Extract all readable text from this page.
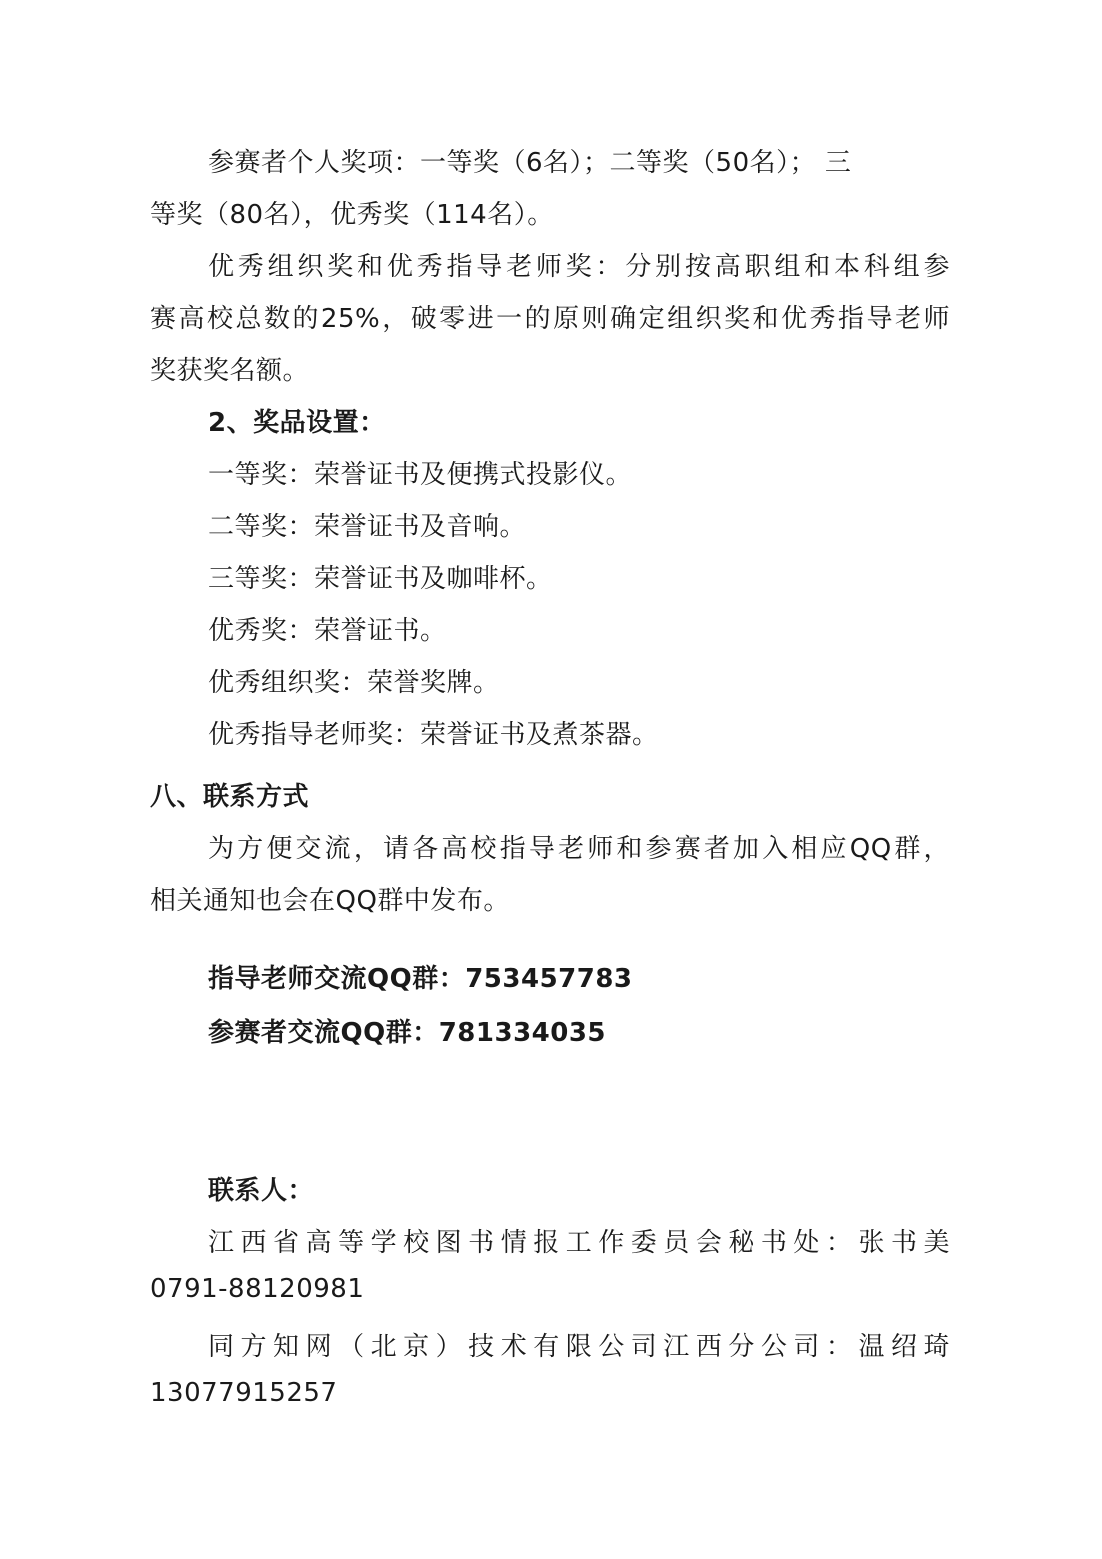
参赛者个人奖项：一等奖（6名）；二等奖（50名）； 三
等奖（80名），优秀奖（114名）。
优秀组织奖和优秀指导老师奖：分别按高职组和本科组参
赛高校总数的25%，破零进一的原则确定组织奖和优秀指导老师
奖获奖名额。
2、奖品设置：
一等奖：荣誉证书及便携式投影仪。
二等奖：荣誉证书及音响。
三等奖：荣誉证书及咖啡杯。
优秀奖：荣誉证书。
优秀组织奖：荣誉奖牌。
优秀指导老师奖：荣誉证书及煮茶器。
八、联系方式
为方便交流，请各高校指导老师和参赛者加入相应QQ群，
相关通知也会在QQ群中发布。
指导老师交流QQ群：753457783
参赛者交流QQ群：781334035
联系人：
江西省高等学校图书情报工作委员会秘书处：张书美
0791-88120981
同方知网（北京）技术有限公司江西分公司：温绍琦
13077915257
